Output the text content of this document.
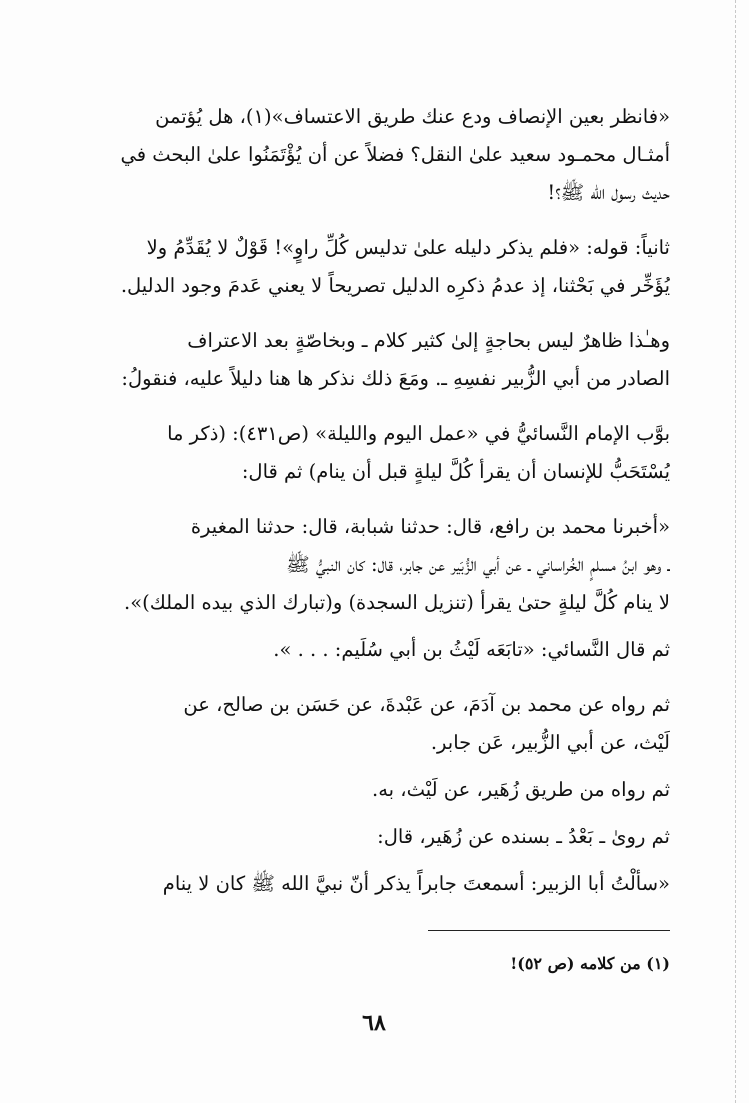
«فانظر بعين الإنصاف ودع عنك طريق الاعتساف»(١)، هل يُؤتمن
أمثـال محمـود سعيد علىٰ النقل؟ فضلاً عن أن يُؤْتَمَنُوا علىٰ البحث في
حديث رسول الله ﷺ؟!
ثانياً: قوله: «فلم يذكر دليله علىٰ تدليس كُلِّ راوٍ»! قَوْلٌ لا يُقَدِّمُ ولا
يُؤَخِّر في بَحْثنا، إذ عدمُ ذكرِه الدليل تصريحاً لا يعني عَدمَ وجود الدليل.
وهـٰذا ظاهرٌ ليس بحاجةٍ إلىٰ كثير كلام ـ وبخاصّةٍ بعد الاعتراف
الصادر من أبي الزُّبير نفسِهِ ـ. ومَعَ ذلك نذكر ها هنا دليلاً عليه، فنقولُ:
بوَّب الإمام النَّسائيُّ في «عمل اليوم والليلة» (ص٤٣١): (ذكر ما
يُسْتَحَبُّ للإنسان أن يقرأ كُلَّ ليلةٍ قبل أن ينام) ثم قال:
«أخبرنا محمد بن رافع، قال: حدثنا شبابة، قال: حدثنا المغيرة
ـ وهو ابنُ مسلمٍ الخُراساني ـ عن أبي الزُّبَير عن جابر، قال: كان النبيُّ ﷺ
لا ينام كُلَّ ليلةٍ حتىٰ يقرأ (تنزيل السجدة) و(تبارك الذي بيده الملك)».
ثم قال النَّسائي: «تابَعَه لَيْثُ بن أبي سُلَيم: . . . ».
ثم رواه عن محمد بن آدَمَ، عن عَبْدةَ، عن حَسَن بن صالح، عن
لَيْث، عن أبي الزُّبير، عَن جابر.
ثم رواه من طريق زُهَير، عن لَيْث، به.
ثم روىٰ ـ بَعْدُ ـ بسنده عن زُهَير، قال:
«سألْتُ أبا الزبير: أسمعتَ جابراً يذكر أنّ نبيَّ الله ﷺ كان لا ينام
(١) من كلامه (ص ٥٢)!
٦٨
